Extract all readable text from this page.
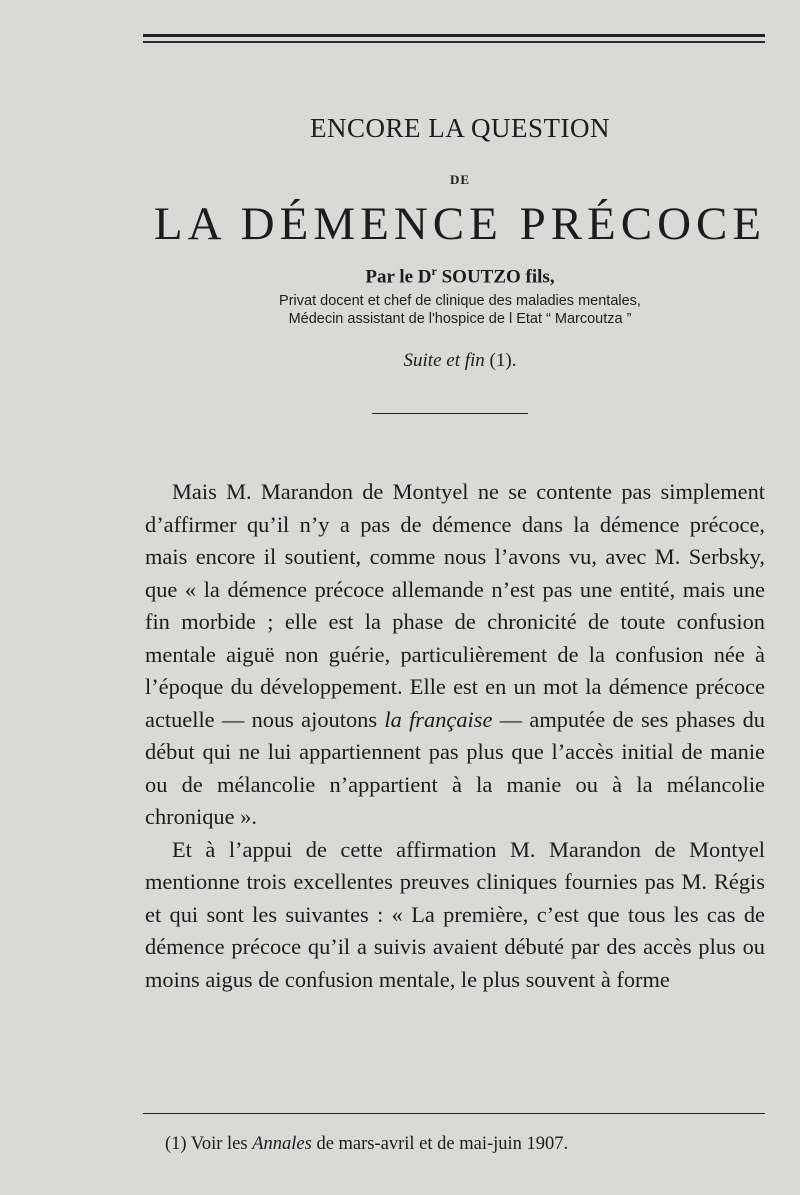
ENCORE LA QUESTION
DE
LA DÉMENCE PRÉCOCE
Par le $D^r$ SOUTZO fils,
Privat docent et chef de clinique des maladies mentales,
Médecin assistant de l'hospice de l Etat “ Marcoutza ”
Suite et fin (1).

Mais M. Marandon de Montyel ne se contente pas simplement d’affirmer qu’il n’y a pas de démence dans la démence précoce, mais encore il soutient, comme nous l’avons vu, avec M. Serbsky, que « la démence précoce allemande n’est pas une entité, mais une fin morbide ; elle est la phase de chronicité de toute confusion mentale aiguë non guérie, particulièrement de la confusion née à l’époque du développement. Elle est en un mot la démence précoce actuelle — nous ajoutons la française — amputée de ses phases du début qui ne lui appartiennent pas plus que l’accès initial de manie ou de mélancolie n’appartient à la manie ou à la mélancolie chronique ».

Et à l’appui de cette affirmation M. Marandon de Montyel mentionne trois excellentes preuves cliniques fournies pas M. Régis et qui sont les suivantes : « La première, c’est que tous les cas de démence précoce qu’il a suivis avaient débuté par des accès plus ou moins aigus de confusion mentale, le plus souvent à forme

(1) Voir les Annales de mars-avril et de mai-juin 1907.
